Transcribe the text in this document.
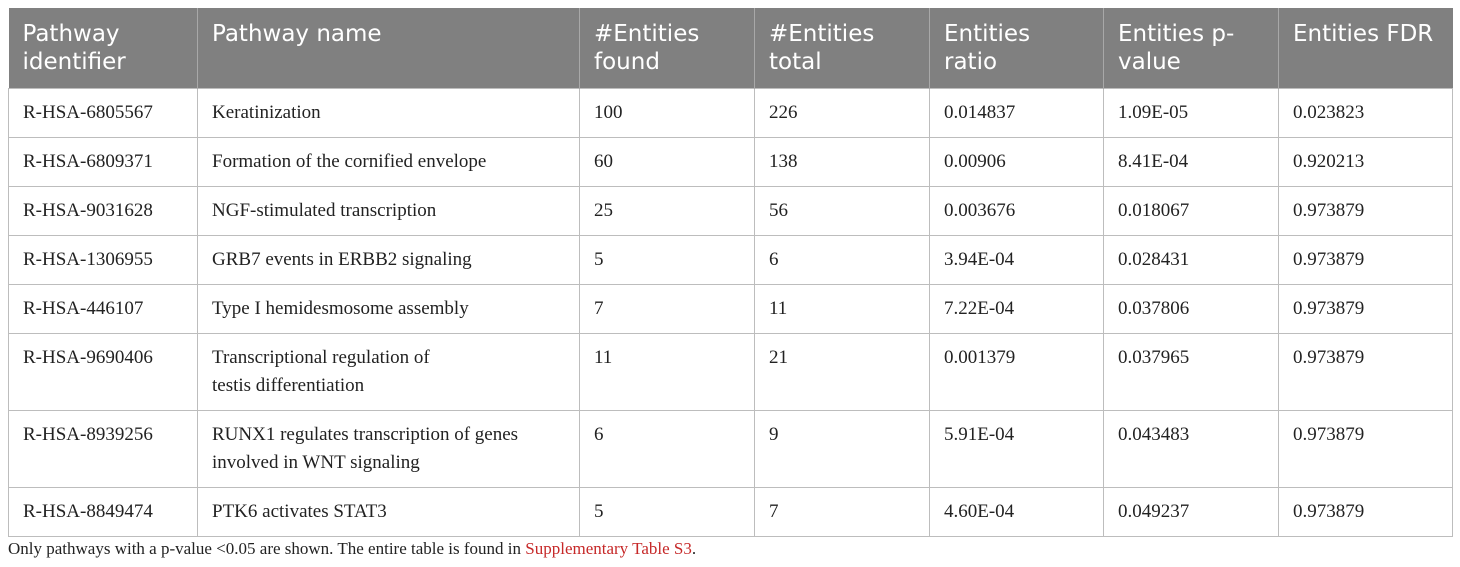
Pathway identifier	Pathway name	#Entities found	#Entities total	Entities ratio	Entities p-value	Entities FDR
R-HSA-6805567	Keratinization	100	226	0.014837	1.09E-05	0.023823
R-HSA-6809371	Formation of the cornified envelope	60	138	0.00906	8.41E-04	0.920213
R-HSA-9031628	NGF-stimulated transcription	25	56	0.003676	0.018067	0.973879
R-HSA-1306955	GRB7 events in ERBB2 signaling	5	6	3.94E-04	0.028431	0.973879
R-HSA-446107	Type I hemidesmosome assembly	7	11	7.22E-04	0.037806	0.973879
R-HSA-9690406	Transcriptional regulation of testis differentiation	11	21	0.001379	0.037965	0.973879
R-HSA-8939256	RUNX1 regulates transcription of genes involved in WNT signaling	6	9	5.91E-04	0.043483	0.973879
R-HSA-8849474	PTK6 activates STAT3	5	7	4.60E-04	0.049237	0.973879
Only pathways with a p-value <0.05 are shown. The entire table is found in Supplementary Table S3.
